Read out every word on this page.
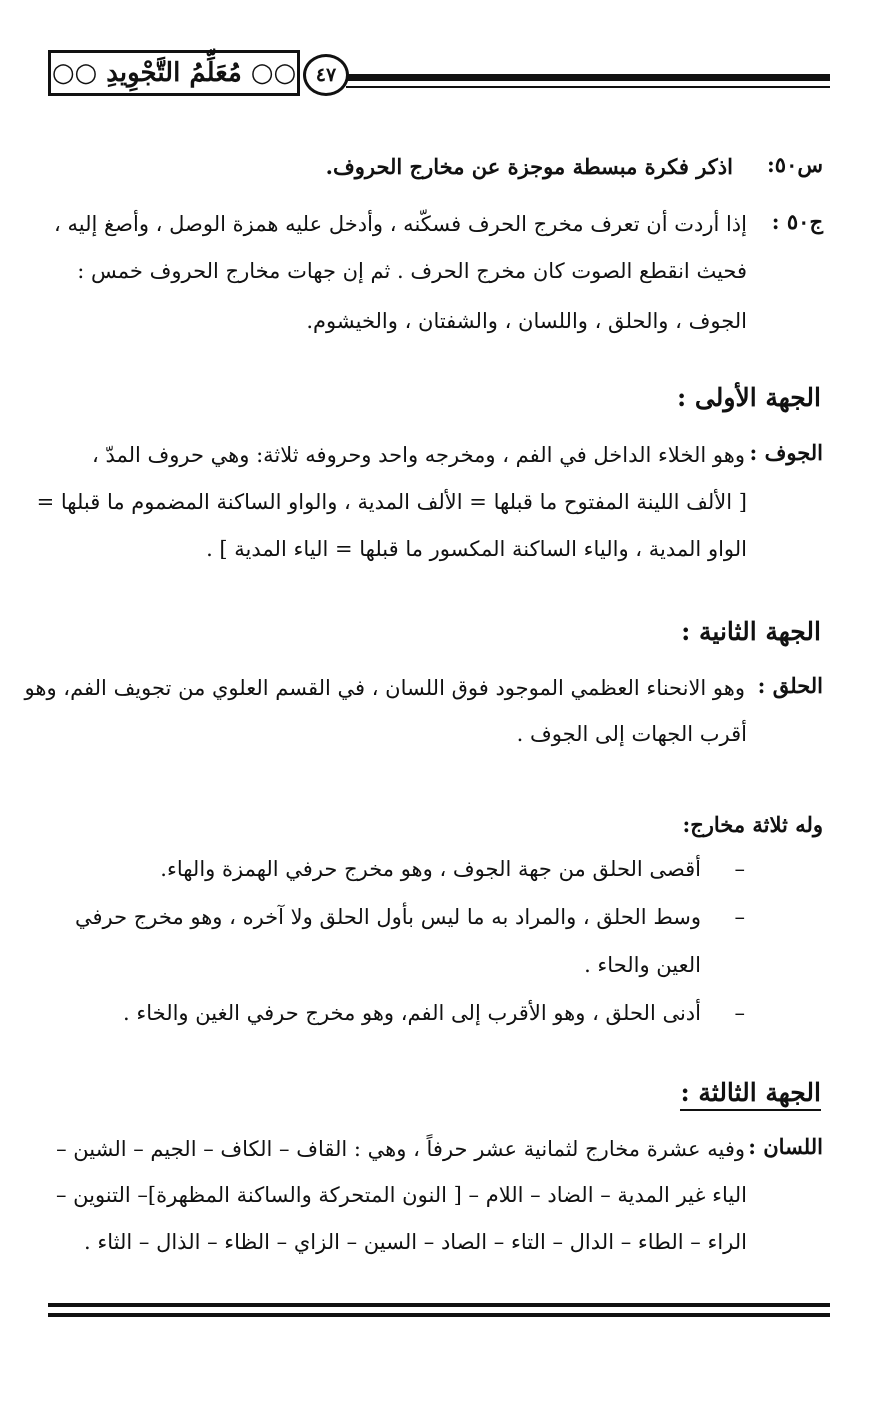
○○ مُعَلِّمُ التَّجْوِيدِ ○○ ٤٧
س٥٠:
اذكر فكرة مبسطة موجزة عن مخارج الحروف.
ج٥٠ :
إذا أردت أن تعرف مخرج الحرف فسكّنه ، وأدخل عليه همزة الوصل ، وأصغ إليه ،
فحيث انقطع الصوت كان مخرج الحرف . ثم إن جهات مخارج الحروف خمس :
الجوف ، والحلق ، واللسان ، والشفتان ، والخيشوم.
الجهة الأولى :
الجوف :
وهو الخلاء الداخل في الفم ، ومخرجه واحد وحروفه ثلاثة: وهي حروف المدّ ،
[ الألف اللينة المفتوح ما قبلها = الألف المدية ، والواو الساكنة المضموم ما قبلها =
الواو المدية ، والياء الساكنة المكسور ما قبلها = الياء المدية ] .
الجهة الثانية :
الحلق :
وهو الانحناء العظمي الموجود فوق اللسان ، في القسم العلوي من تجويف الفم، وهو
أقرب الجهات إلى الجوف .
وله ثلاثة مخارج:
–
أقصى الحلق من جهة الجوف ، وهو مخرج حرفي الهمزة والهاء.
–
وسط الحلق ، والمراد به ما ليس بأول الحلق ولا آخره ، وهو مخرج حرفي
العين والحاء .
–
أدنى الحلق ، وهو الأقرب إلى الفم، وهو مخرج حرفي الغين والخاء .
الجهة الثالثة :
اللسان :
وفيه عشرة مخارج لثمانية عشر حرفاً ، وهي : القاف – الكاف – الجيم – الشين –
الياء غير المدية – الضاد – اللام – [ النون المتحركة والساكنة المظهرة]– التنوين –
الراء – الطاء – الدال – التاء – الصاد – السين – الزاي – الظاء – الذال – الثاء .
